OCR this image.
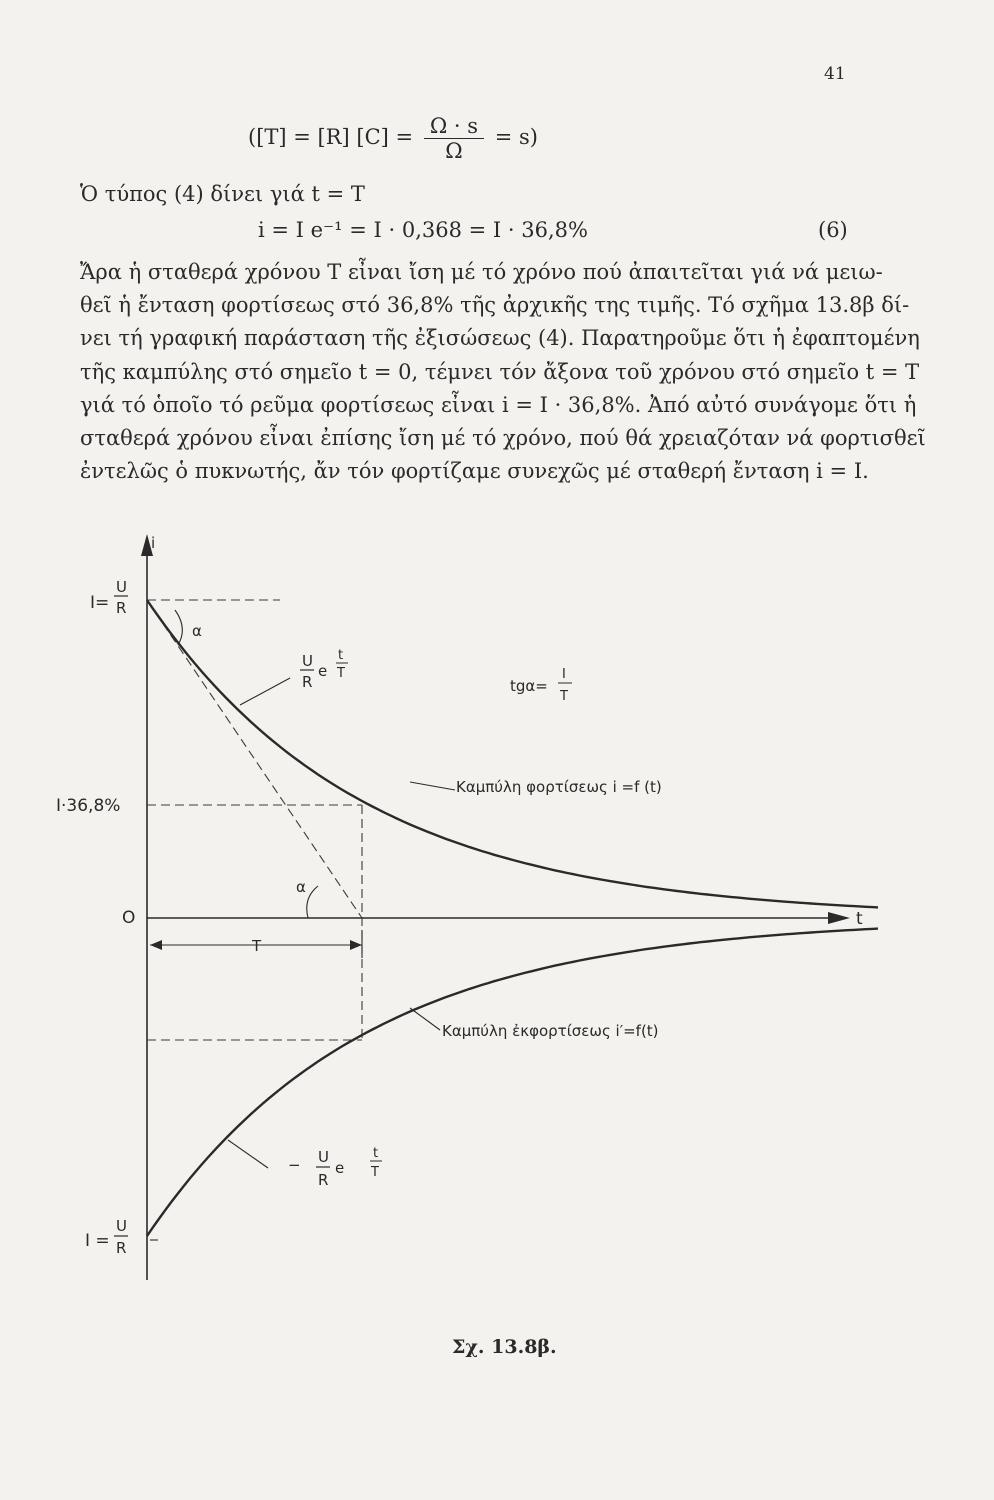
41
([T] = [R] $[C] = \frac{\Omega \cdot s}{\Omega} = s$)
Ὁ τύπος (4) δίνει γιά t = T
i = I e⁻¹ = I · 0,368 = I · 36,8%	(6)
Ἄρα ἡ σταθερά χρόνου T εἶναι ἴση μέ τό χρόνο πού ἀπαιτεῖται γιά νά μειω-
θεῖ ἡ ἔνταση φορτίσεως στό 36,8% τῆς ἀρχικῆς της τιμῆς. Τό σχῆμα 13.8β δί-
νει τή γραφική παράσταση τῆς ἐξισώσεως (4). Παρατηροῦμε ὅτι ἡ ἐφαπτομένη
τῆς καμπύλης στό σημεῖο t = 0, τέμνει τόν ἄξονα τοῦ χρόνου στό σημεῖο t = T
γιά τό ὁποῖο τό ρεῦμα φορτίσεως εἶναι i = I · 36,8%. Ἀπό αὐτό συνάγομε ὅτι ἡ
σταθερά χρόνου εἶναι ἐπίσης ἴση μέ τό χρόνο, πού θά χρειαζόταν νά φορτισθεῖ
ἐντελῶς ὁ πυκνωτής, ἄν τόν φορτίζαμε συνεχῶς μέ σταθερή ἔνταση i = I.
i
t
I=
U
R
I·36,8%
O
I =
U
R
α
α
T
U
R
e
t
T
tgα=
I
T
Καμπύλη φορτίσεως i =f (t)
Καμπύλη ἐκφορτίσεως i′=f(t)
− U
R
e
t
T
Σχ. 13.8β.
